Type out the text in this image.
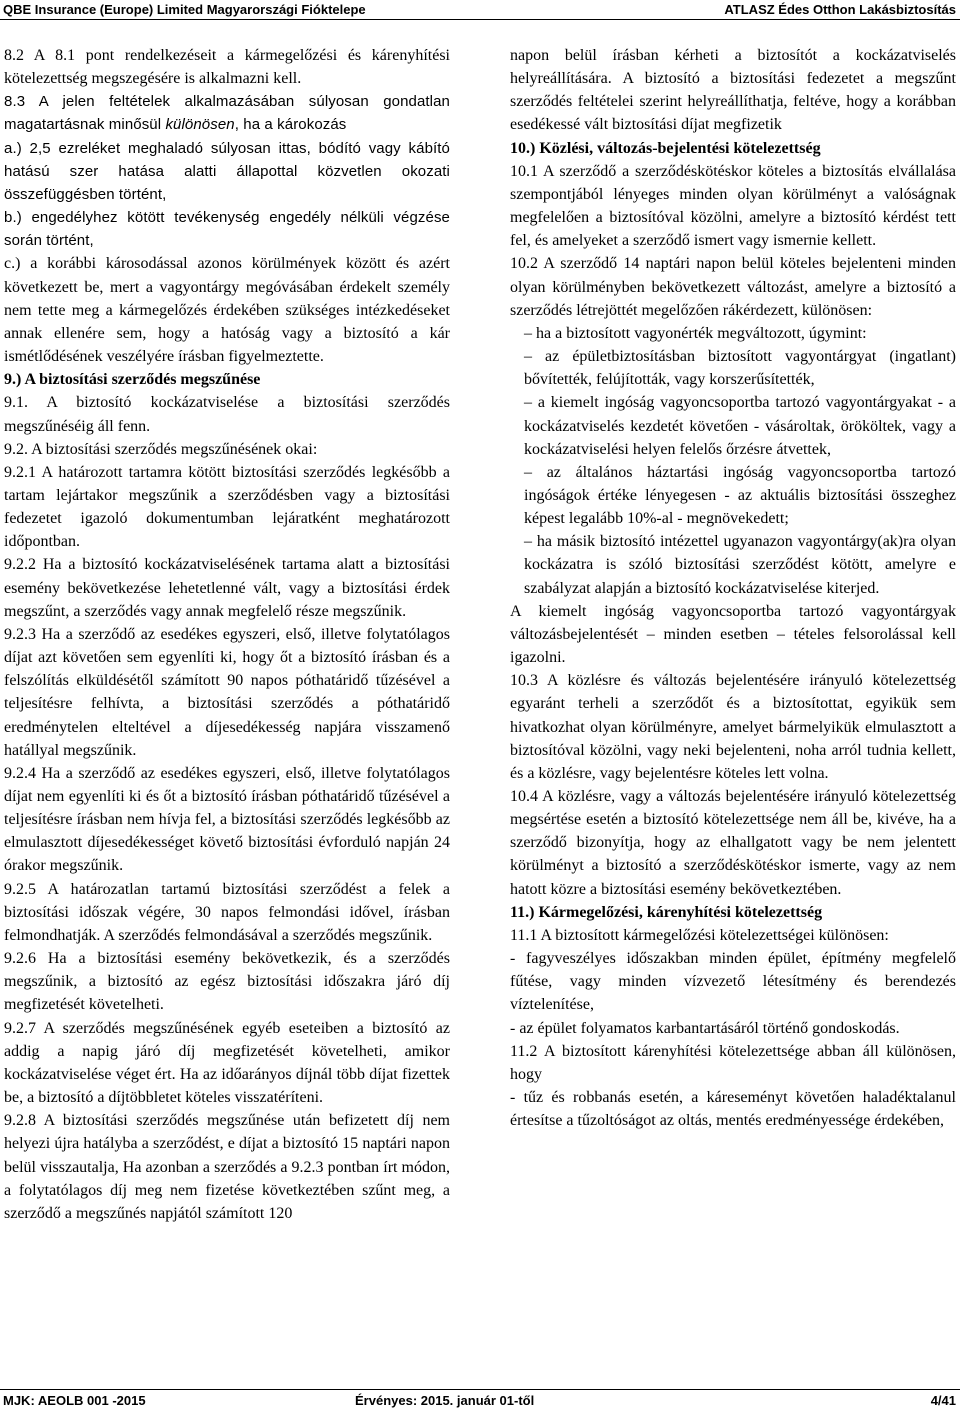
QBE Insurance (Europe) Limited Magyarországi Fióktelepe	ATLASZ Édes Otthon Lakásbiztosítás

8.2 A 8.1 pont rendelkezéseit a kármegelőzési és kárenyhítési kötelezettség megszegésére is alkalmazni kell.

8.3 A jelen feltételek alkalmazásában súlyosan gondatlan magatartásnak minősül különösen, ha a károkozás

a.) 2,5 ezreléket meghaladó súlyosan ittas, bódító vagy kábító hatású szer hatása alatti állapottal közvetlen okozati összefüggésben történt,

b.) engedélyhez kötött tevékenység engedély nélküli végzése során történt,

c.) a korábbi károsodással azonos körülmények között és azért következett be, mert a vagyontárgy megóvásában érdekelt személy nem tette meg a kármegelőzés érdekében szükséges intézkedéseket annak ellenére sem, hogy a hatóság vagy a biztosító a kár ismétlődésének veszélyére írásban figyelmeztette.

9.) A biztosítási szerződés megszűnése

9.1. A biztosító kockázatviselése a biztosítási szerződés megszűnéséig áll fenn.

9.2. A biztosítási szerződés megszűnésének okai:

9.2.1 A határozott tartamra kötött biztosítási szerződés legkésőbb a tartam lejártakor megszűnik a szerződésben vagy a biztosítási fedezetet igazoló dokumentumban lejáratként meghatározott időpontban.

9.2.2 Ha a biztosító kockázatviselésének tartama alatt a biztosítási esemény bekövetkezése lehetetlenné vált, vagy a biztosítási érdek megszűnt, a szerződés vagy annak megfelelő része megszűnik.

9.2.3 Ha a szerződő az esedékes egyszeri, első, illetve folytatólagos díjat azt követően sem egyenlíti ki, hogy őt a biztosító írásban és a felszólítás elküldésétől számított 90 napos póthatáridő tűzésével a teljesítésre felhívta, a biztosítási szerződés a póthatáridő eredménytelen elteltével a díjesedékesség napjára visszamenő hatállyal megszűnik.

9.2.4 Ha a szerződő az esedékes egyszeri, első, illetve folytatólagos díjat nem egyenlíti ki és őt a biztosító írásban póthatáridő tűzésével a teljesítésre írásban nem hívja fel, a biztosítási szerződés legkésőbb az elmulasztott díjesedékességet követő biztosítási évforduló napján 24 órakor megszűnik.

9.2.5 A határozatlan tartamú biztosítási szerződést a felek a biztosítási időszak végére, 30 napos felmondási idővel, írásban felmondhatják. A szerződés felmondásával a szerződés megszűnik.

9.2.6 Ha a biztosítási esemény bekövetkezik, és a szerződés megszűnik, a biztosító az egész biztosítási időszakra járó díj megfizetését követelheti.

9.2.7 A szerződés megszűnésének egyéb eseteiben a biztosító az addig a napig járó díj megfizetését követelheti, amikor kockázatviselése véget ért. Ha az időarányos díjnál több díjat fizettek be, a biztosító a díjtöbbletet köteles visszatéríteni.

9.2.8 A biztosítási szerződés megszűnése után befizetett díj nem helyezi újra hatályba a szerződést, e díjat a biztosító 15 naptári napon belül visszautalja, Ha azonban a szerződés a 9.2.3 pontban írt módon, a folytatólagos díj meg nem fizetése következtében szűnt meg, a szerződő a megszűnés napjától számított 120

napon belül írásban kérheti a biztosítót a kockázatviselés helyreállítására. A biztosító a biztosítási fedezetet a megszűnt szerződés feltételei szerint helyreállíthatja, feltéve, hogy a korábban esedékessé vált biztosítási díjat megfizetik

10.) Közlési, változás-bejelentési kötelezettség

10.1 A szerződő a szerződéskötéskor köteles a biztosítás elvállalása szempontjából lényeges minden olyan körülményt a valóságnak megfelelően a biztosítóval közölni, amelyre a biztosító kérdést tett fel, és amelyeket a szerződő ismert vagy ismernie kellett.

10.2 A szerződő 14 naptári napon belül köteles bejelenteni minden olyan körülményben bekövetkezett változást, amelyre a biztosító a szerződés létrejöttét megelőzően rákérdezett, különösen:

– ha a biztosított vagyonérték megváltozott, úgymint:

– az épületbiztosításban biztosított vagyontárgyat (ingatlant) bővítették, felújították, vagy korszerűsítették,

– a kiemelt ingóság vagyoncsoportba tartozó vagyontárgyakat - a kockázatviselés kezdetét követően - vásároltak, örököltek, vagy a kockázatviselési helyen felelős őrzésre átvettek,

– az általános háztartási ingóság vagyoncsoportba tartozó ingóságok értéke lényegesen - az aktuális biztosítási összeghez képest legalább 10%-al - megnövekedett;

– ha másik biztosító intézettel ugyanazon vagyontárgy(ak)ra olyan kockázatra is szóló biztosítási szerződést kötött, amelyre e szabályzat alapján a biztosító kockázatviselése kiterjed.

A kiemelt ingóság vagyoncsoportba tartozó vagyontárgyak változásbejelentését – minden esetben – tételes felsorolással kell igazolni.

10.3 A közlésre és változás bejelentésére irányuló kötelezettség egyaránt terheli a szerződőt és a biztosítottat, egyikük sem hivatkozhat olyan körülményre, amelyet bármelyikük elmulasztott a biztosítóval közölni, vagy neki bejelenteni, noha arról tudnia kellett, és a közlésre, vagy bejelentésre köteles lett volna.

10.4 A közlésre, vagy a változás bejelentésére irányuló kötelezettség megsértése esetén a biztosító kötelezettsége nem áll be, kivéve, ha a szerződő bizonyítja, hogy az elhallgatott vagy be nem jelentett körülményt a biztosító a szerződéskötéskor ismerte, vagy az nem hatott közre a biztosítási esemény bekövetkeztében.

11.) Kármegelőzési, kárenyhítési kötelezettség

11.1 A biztosított kármegelőzési kötelezettségei különösen:

- fagyveszélyes időszakban minden épület, építmény megfelelő fűtése, vagy minden vízvezető létesítmény és berendezés víztelenítése,

- az épület folyamatos karbantartásáról történő gondoskodás.

11.2 A biztosított kárenyhítési kötelezettsége abban áll különösen, hogy

- tűz és robbanás esetén, a káreseményt követően haladéktalanul értesítse a tűzoltóságot az oltás, mentés eredményessége érdekében,

MJK: AEOLB 001 -2015	Érvényes: 2015. január 01-től	4/41
